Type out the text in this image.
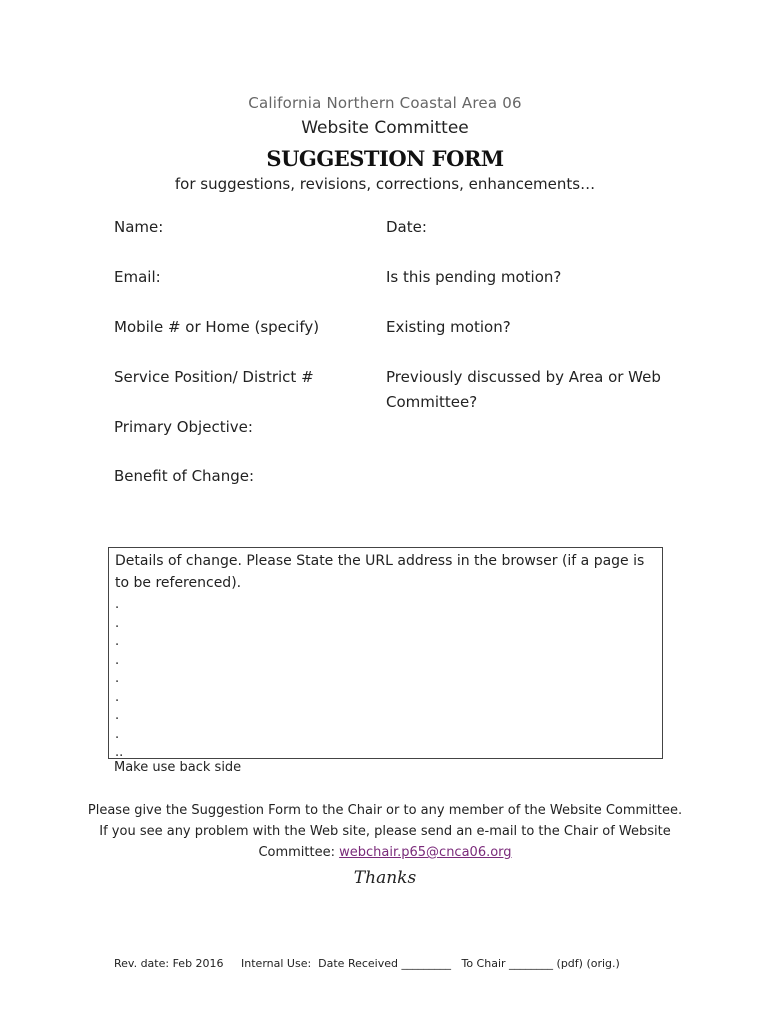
California Northern Coastal Area 06
Website Committee
SUGGESTION FORM
for suggestions, revisions, corrections, enhancements…
Name:
Email:
Mobile # or Home (specify)
Service Position/ District #
Primary Objective:
Benefit of Change:
Date:
Is this pending motion?
Existing motion?
Previously discussed by Area or Web Committee?
Details of change. Please State the URL address in the browser (if a page is to be referenced).
.
.
.
.
.
.
.
.
..
Make use back side
Please give the Suggestion Form to the Chair or to any member of the Website Committee.
If you see any problem with the Web site, please send an e-mail to the Chair of Website
Committee: webchair.p65@cnca06.org
Thanks
Rev. date: Feb 2016     Internal Use:  Date Received _________   To Chair ________ (pdf) (orig.)
